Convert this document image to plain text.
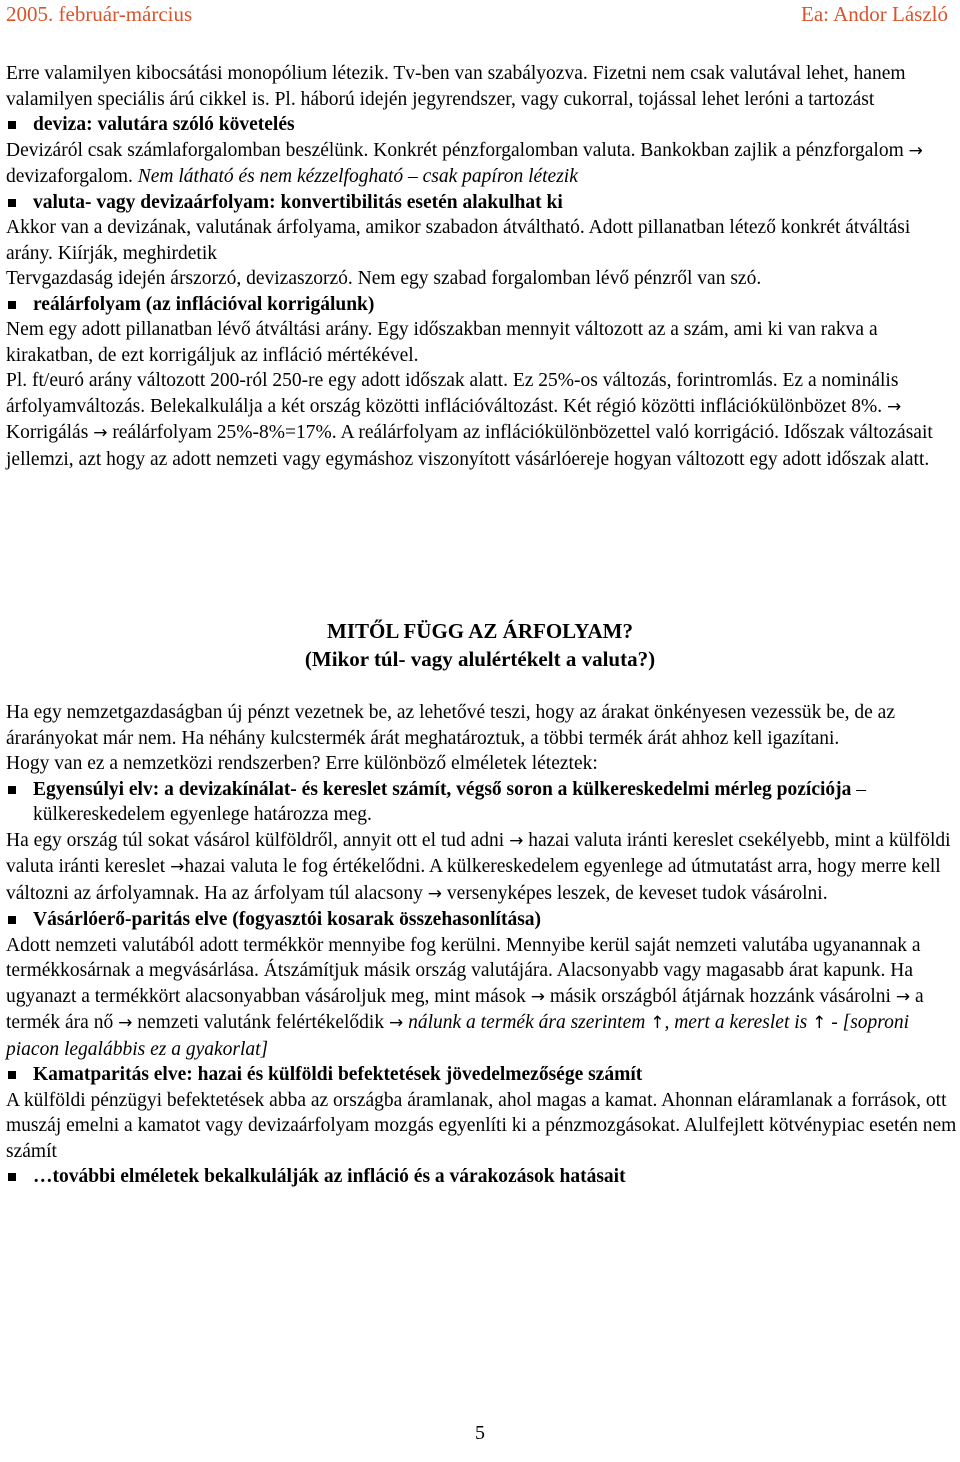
2005. február-március	Ea: Andor László

Erre valamilyen kibocsátási monopólium létezik. Tv-ben van szabályozva. Fizetni nem csak valutával lehet, hanem valamilyen speciális árú cikkel is. Pl. háború idején jegyrendszer, vagy cukorral, tojással lehet leróni a tartozást

deviza: valutára szóló követelés

Devizáról csak számlaforgalomban beszélünk. Konkrét pénzforgalomban valuta. Bankokban zajlik a pénzforgalom → devizaforgalom. Nem látható és nem kézzelfogható – csak papíron létezik

valuta- vagy devizaárfolyam: konvertibilitás esetén alakulhat ki

Akkor van a devizának, valutának árfolyama, amikor szabadon átváltható. Adott pillanatban létező konkrét átváltási arány. Kiírják, meghirdetik

Tervgazdaság idején árszorzó, devizaszorzó. Nem egy szabad forgalomban lévő pénzről van szó.

reálárfolyam (az inflációval korrigálunk)

Nem egy adott pillanatban lévő átváltási arány. Egy időszakban mennyit változott az a szám, ami ki van rakva a kirakatban, de ezt korrigáljuk az infláció mértékével.

Pl. ft/euró arány változott 200-ról 250-re egy adott időszak alatt. Ez 25%-os változás, forintromlás. Ez a nominális árfolyamváltozás. Belekalkulálja a két ország közötti inflációváltozást. Két régió közötti inflációkülönbözet 8%. → Korrigálás → reálárfolyam 25%-8%=17%. A reálárfolyam az inflációkülönbözettel való korrigáció. Időszak változásait jellemzi, azt hogy az adott nemzeti vagy egymáshoz viszonyított vásárlóereje hogyan változott egy adott időszak alatt.

MITŐL FÜGG AZ ÁRFOLYAM?
(Mikor túl- vagy alulértékelt a valuta?)

Ha egy nemzetgazdaságban új pénzt vezetnek be, az lehetővé teszi, hogy az árakat önkényesen vezessük be, de az árarányokat már nem. Ha néhány kulcstermék árát meghatároztuk, a többi termék árát ahhoz kell igazítani.

Hogy van ez a nemzetközi rendszerben? Erre különböző elméletek léteztek:

Egyensúlyi elv: a devizakínálat- és kereslet számít, végső soron a külkereskedelmi mérleg pozíciója – külkereskedelem egyenlege határozza meg.

Ha egy ország túl sokat vásárol külföldről, annyit ott el tud adni → hazai valuta iránti kereslet csekélyebb, mint a külföldi valuta iránti kereslet →hazai valuta le fog értékelődni. A külkereskedelem egyenlege ad útmutatást arra, hogy merre kell változni az árfolyamnak. Ha az árfolyam túl alacsony → versenyképes leszek, de keveset tudok vásárolni.

Vásárlóerő-paritás elve (fogyasztói kosarak összehasonlítása)

Adott nemzeti valutából adott termékkör mennyibe fog kerülni. Mennyibe kerül saját nemzeti valutába ugyanannak a termékkosárnak a megvásárlása. Átszámítjuk másik ország valutájára. Alacsonyabb vagy magasabb árat kapunk. Ha ugyanazt a termékkört alacsonyabban vásároljuk meg, mint mások → másik országból átjárnak hozzánk vásárolni → a termék ára nő → nemzeti valutánk felértékelődik → nálunk a termék ára szerintem ↑, mert a kereslet is ↑ - [soproni piacon legalábbis ez a gyakorlat]

Kamatparitás elve: hazai és külföldi befektetések jövedelmezősége számít

A külföldi pénzügyi befektetések abba az országba áramlanak, ahol magas a kamat. Ahonnan eláramlanak a források, ott muszáj emelni a kamatot vagy devizaárfolyam mozgás egyenlíti ki a pénzmozgásokat. Alulfejlett kötvénypiac esetén nem számít

…további elméletek bekalkulálják az infláció és a várakozások hatásait
5
